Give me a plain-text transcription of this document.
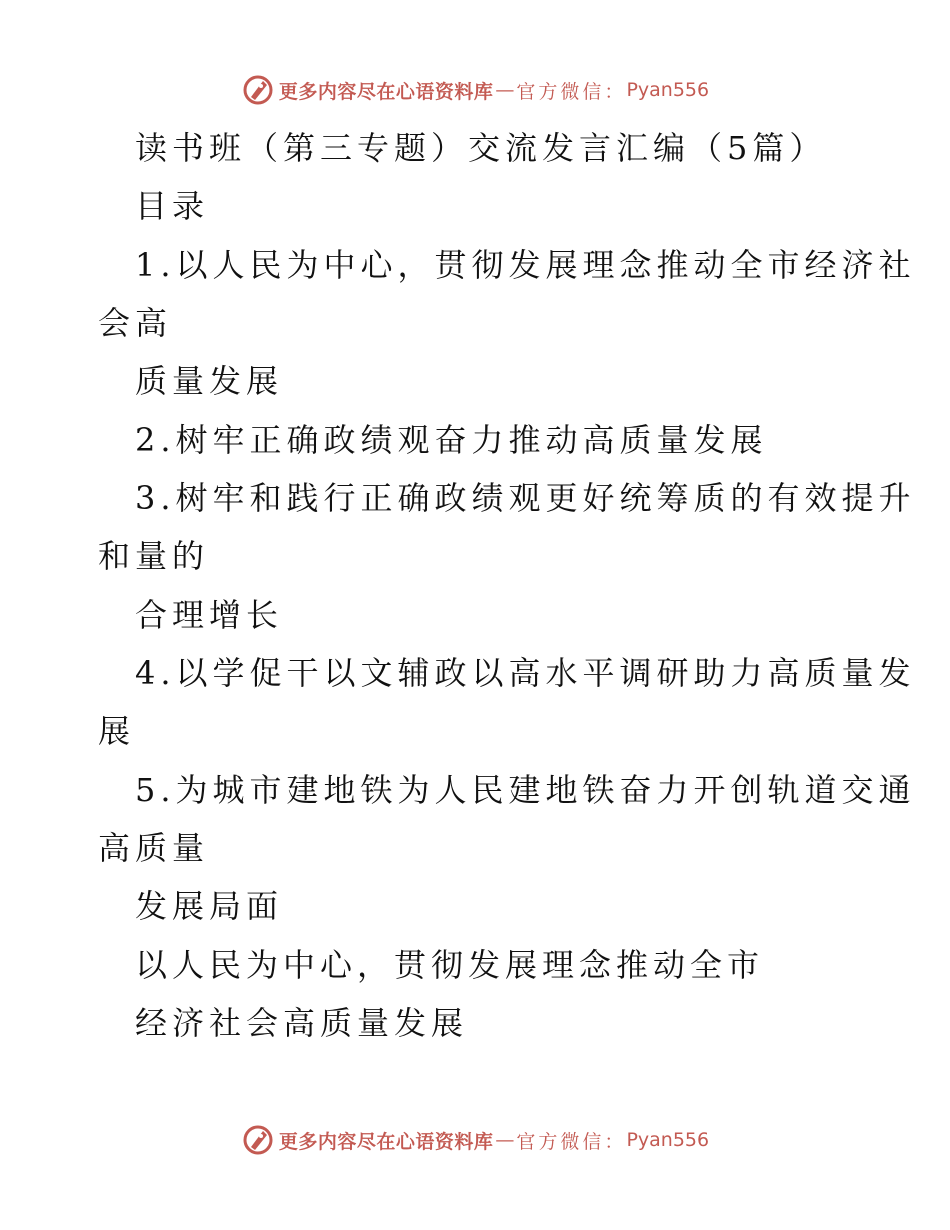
更多内容尽在心语资料库 — 官方微信： Pyan556
读书班（第三专题）交流发言汇编（5篇）
目录
1.以人民为中心，贯彻发展理念推动全市经济社
会高
质量发展
2.树牢正确政绩观奋力推动高质量发展
3.树牢和践行正确政绩观更好统筹质的有效提升
和量的
合理增长
4.以学促干以文辅政以高水平调研助力高质量发
展
5.为城市建地铁为人民建地铁奋力开创轨道交通
高质量
发展局面
以人民为中心，贯彻发展理念推动全市
经济社会高质量发展
更多内容尽在心语资料库 — 官方微信： Pyan556
